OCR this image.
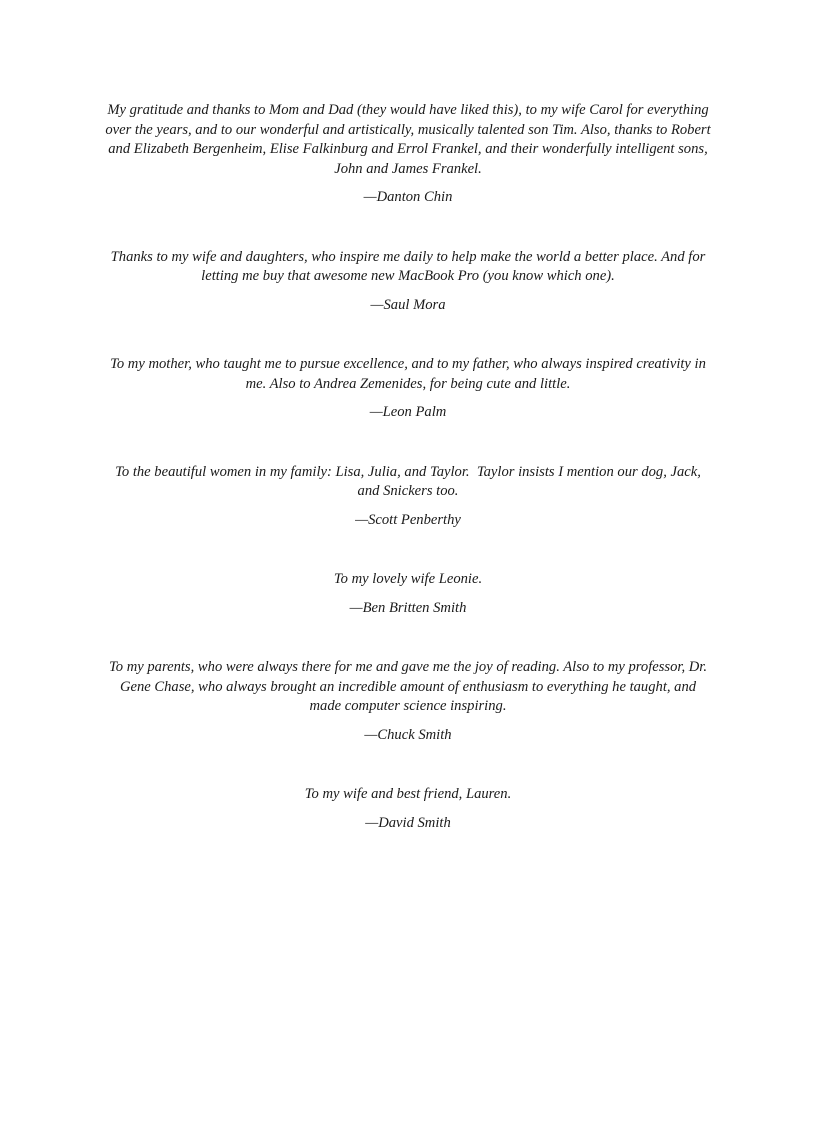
My gratitude and thanks to Mom and Dad (they would have liked this), to my wife Carol for everything over the years, and to our wonderful and artistically, musically talented son Tim. Also, thanks to Robert and Elizabeth Bergenheim, Elise Falkinburg and Errol Frankel, and their wonderfully intelligent sons, John and James Frankel.

—Danton Chin

Thanks to my wife and daughters, who inspire me daily to help make the world a better place. And for letting me buy that awesome new MacBook Pro (you know which one).

—Saul Mora

To my mother, who taught me to pursue excellence, and to my father, who always inspired creativity in me. Also to Andrea Zemenides, for being cute and little.

—Leon Palm

To the beautiful women in my family: Lisa, Julia, and Taylor.  Taylor insists I mention our dog, Jack, and Snickers too.

—Scott Penberthy

To my lovely wife Leonie.

—Ben Britten Smith

To my parents, who were always there for me and gave me the joy of reading. Also to my professor, Dr. Gene Chase, who always brought an incredible amount of enthusiasm to everything he taught, and made computer science inspiring.

—Chuck Smith

To my wife and best friend, Lauren.

—David Smith
